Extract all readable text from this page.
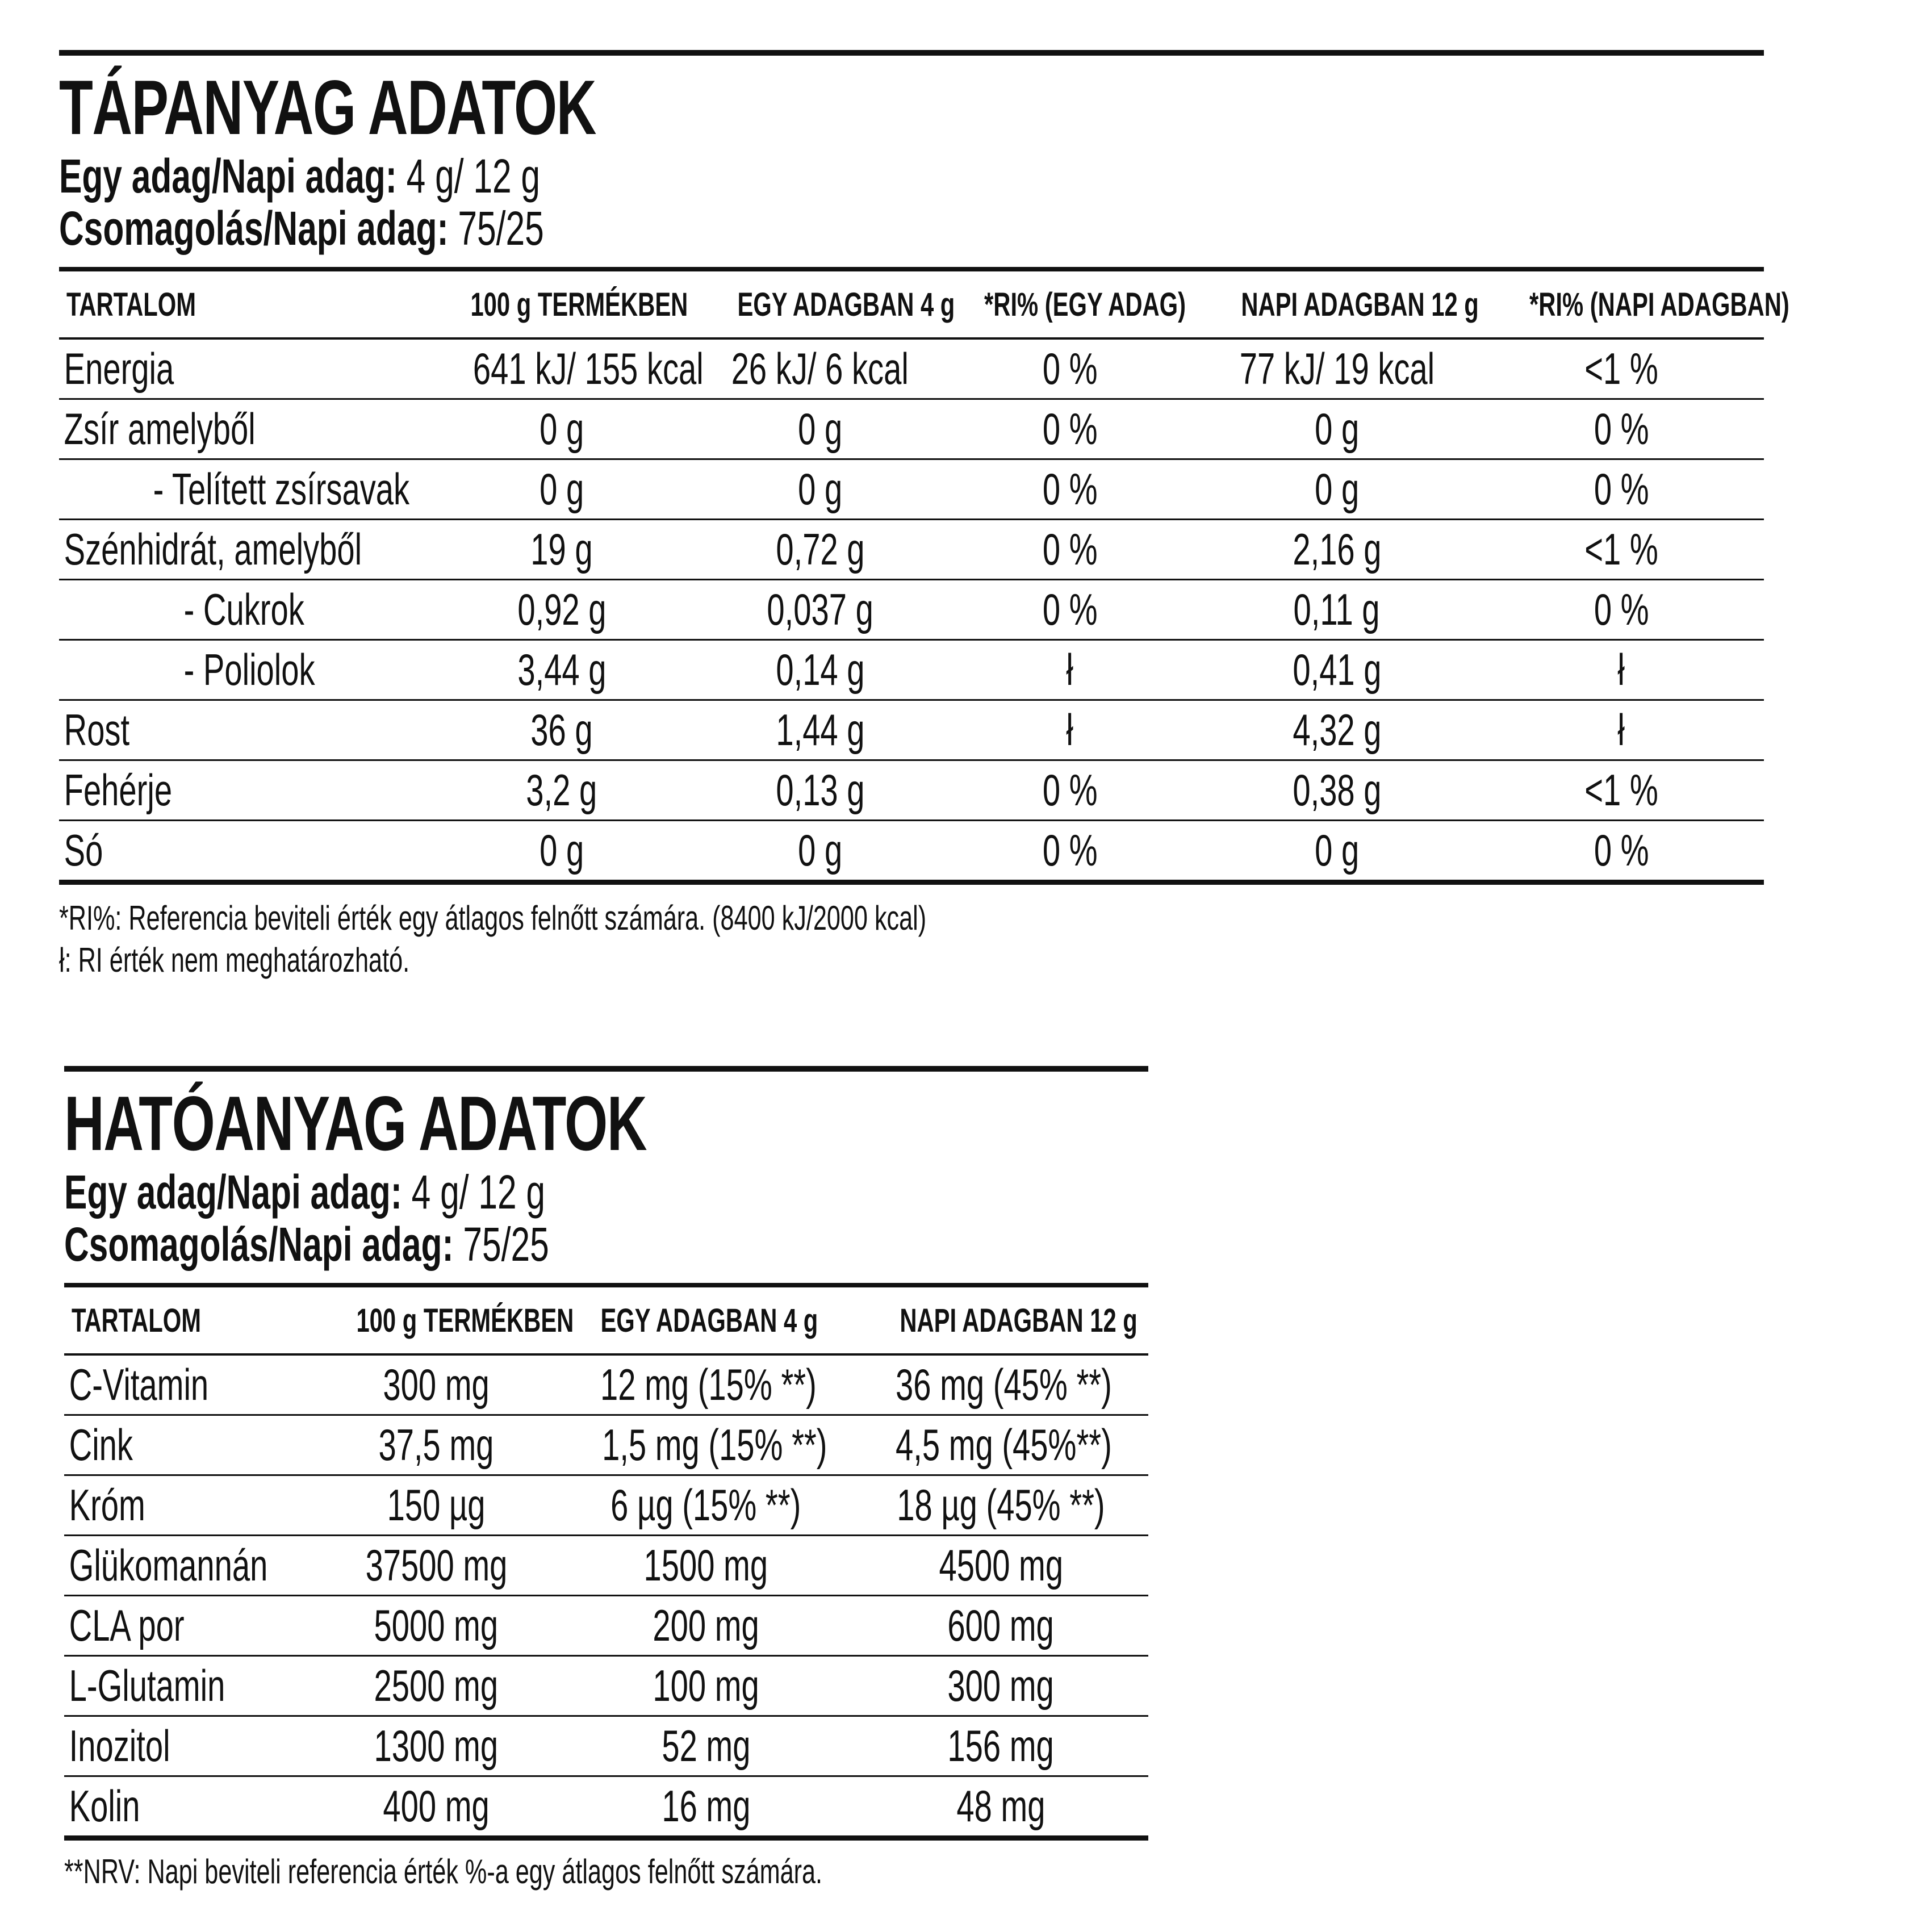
TÁPANYAG ADATOK
Egy adag/Napi adag: 4 g/ 12 g
Csomagolás/Napi adag: 75/25
TARTALOM	100 g TERMÉKBEN	EGY ADAGBAN 4 g	*RI% (EGY ADAG)	NAPI ADAGBAN 12 g	*RI% (NAPI ADAGBAN)
Energia	641 kJ/ 155 kcal	26 kJ/ 6 kcal	0 %	77 kJ/ 19 kcal	<1 %
Zsír amelyből	0 g	0 g	0 %	0 g	0 %
- Telített zsírsavak	0 g	0 g	0 %	0 g	0 %
Szénhidrát, amelyből	19 g	0,72 g	0 %	2,16 g	<1 %
- Cukrok	0,92 g	0,037 g	0 %	0,11 g	0 %
- Poliolok	3,44 g	0,14 g	ł	0,41 g	ł
Rost	36 g	1,44 g	ł	4,32 g	ł
Fehérje	3,2 g	0,13 g	0 %	0,38 g	<1 %
Só	0 g	0 g	0 %	0 g	0 %
*RI%: Referencia beviteli érték egy átlagos felnőtt számára. (8400 kJ/2000 kcal)
ł: RI érték nem meghatározható.
HATÓANYAG ADATOK
Egy adag/Napi adag: 4 g/ 12 g
Csomagolás/Napi adag: 75/25
TARTALOM	100 g TERMÉKBEN	EGY ADAGBAN 4 g	NAPI ADAGBAN 12 g
C-Vitamin	300 mg	12 mg (15% **)	36 mg (45% **)
Cink	37,5 mg	1,5 mg (15% **)	4,5 mg (45%**)
Króm	150 µg	6 µg (15% **)	18 µg (45% **)
Glükomannán	37500 mg	1500 mg	4500 mg
CLA por	5000 mg	200 mg	600 mg
L-Glutamin	2500 mg	100 mg	300 mg
Inozitol	1300 mg	52 mg	156 mg
Kolin	400 mg	16 mg	48 mg
**NRV: Napi beviteli referencia érték %-a egy átlagos felnőtt számára.
